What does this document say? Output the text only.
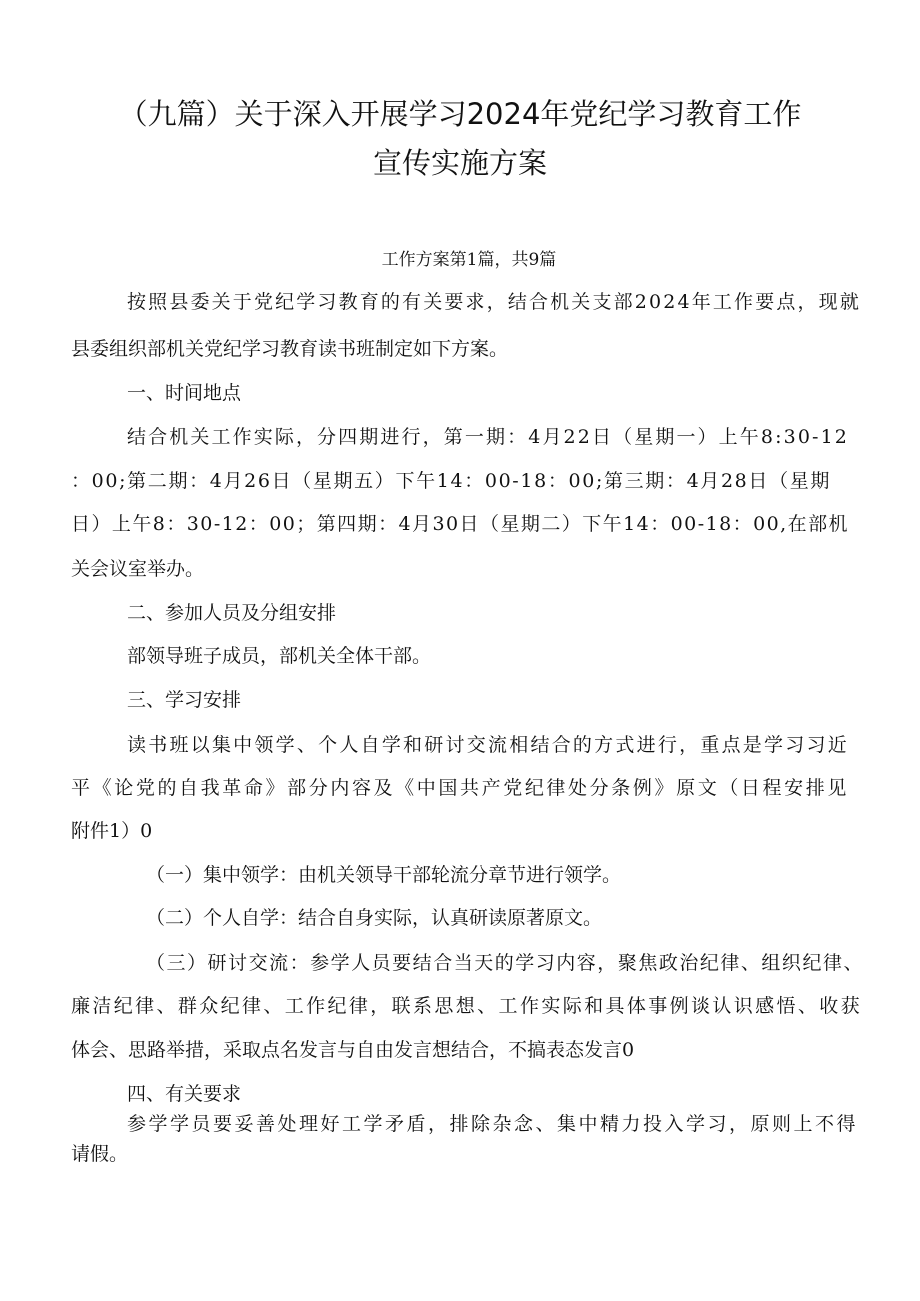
（九篇）关于深入开展学习2024年党纪学习教育工作
宣传实施方案
工作方案第1篇，共9篇
按照县委关于党纪学习教育的有关要求，结合机关支部2024年工作要点，现就
县委组织部机关党纪学习教育读书班制定如下方案。
一、时间地点
结合机关工作实际，分四期进行，第一期：4月22日（星期一）上午8:30-12
：00;第二期：4月26日（星期五）下午14：00-18：00;第三期：4月28日（星期
日）上午8：30-12：00；第四期：4月30日（星期二）下午14：00-18：00,在部机
关会议室举办。
二、参加人员及分组安排
部领导班子成员，部机关全体干部。
三、学习安排
读书班以集中领学、个人自学和研讨交流相结合的方式进行，重点是学习习近
平《论党的自我革命》部分内容及《中国共产党纪律处分条例》原文（日程安排见
附件1）0
（一）集中领学：由机关领导干部轮流分章节进行领学。
（二）个人自学：结合自身实际，认真研读原著原文。
（三）研讨交流：参学人员要结合当天的学习内容，聚焦政治纪律、组织纪律、
廉洁纪律、群众纪律、工作纪律，联系思想、工作实际和具体事例谈认识感悟、收获
体会、思路举措，采取点名发言与自由发言想结合，不搞表态发言0
四、有关要求
参学学员要妥善处理好工学矛盾，排除杂念、集中精力投入学习，原则上不得
请假。
